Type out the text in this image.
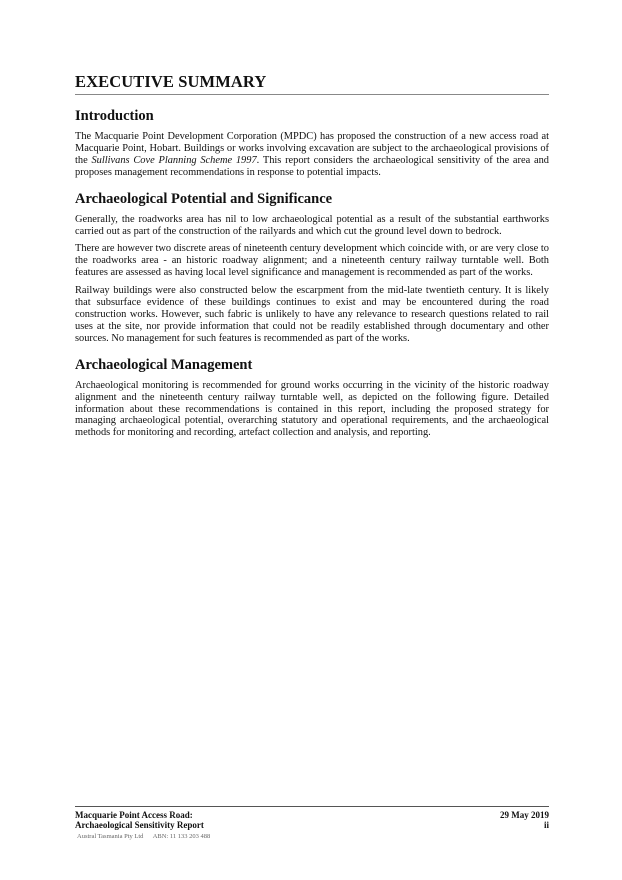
EXECUTIVE SUMMARY
Introduction

The Macquarie Point Development Corporation (MPDC) has proposed the construction of a new access road at Macquarie Point, Hobart. Buildings or works involving excavation are subject to the archaeological provisions of the Sullivans Cove Planning Scheme 1997. This report considers the archaeological sensitivity of the area and proposes management recommendations in response to potential impacts.

Archaeological Potential and Significance

Generally, the roadworks area has nil to low archaeological potential as a result of the substantial earthworks carried out as part of the construction of the railyards and which cut the ground level down to bedrock.

There are however two discrete areas of nineteenth century development which coincide with, or are very close to the roadworks area - an historic roadway alignment; and a nineteenth century railway turntable well. Both features are assessed as having local level significance and management is recommended as part of the works.

Railway buildings were also constructed below the escarpment from the mid-late twentieth century. It is likely that subsurface evidence of these buildings continues to exist and may be encountered during the road construction works. However, such fabric is unlikely to have any relevance to research questions related to rail uses at the site, nor provide information that could not be readily established through documentary and other sources. No management for such features is recommended as part of the works.

Archaeological Management

Archaeological monitoring is recommended for ground works occurring in the vicinity of the historic roadway alignment and the nineteenth century railway turntable well, as depicted on the following figure. Detailed information about these recommendations is contained in this report, including the proposed strategy for managing archaeological potential, overarching statutory and operational requirements, and the archaeological methods for monitoring and recording, artefact collection and analysis, and reporting.

Macquarie Point Access Road:	29 May 2019
Archaeological Sensitivity Report	ii
Austral Tasmania Pty Ltd ABN: 11 133 203 488
